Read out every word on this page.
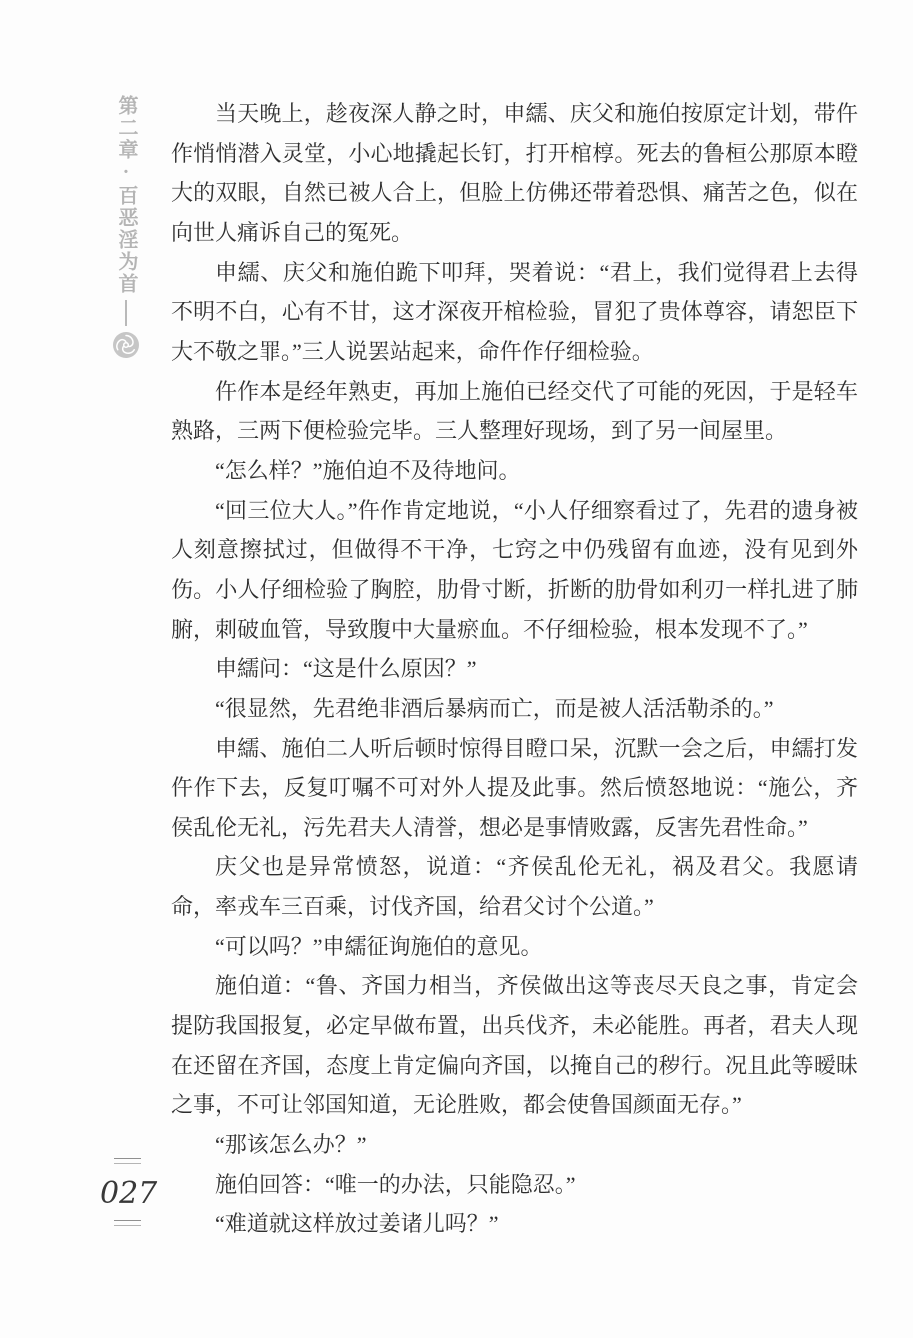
第二章·百恶淫为首	当天晚上，趁夜深人静之时，申繻、庆父和施伯按原定计划，带仵作悄悄潜入灵堂，小心地撬起长钉，打开棺椁。死去的鲁桓公那原本瞪大的双眼，自然已被人合上，但脸上仿佛还带着恐惧、痛苦之色，似在向世人痛诉自己的冤死。

申繻、庆父和施伯跪下叩拜，哭着说：“君上，我们觉得君上去得不明不白，心有不甘，这才深夜开棺检验，冒犯了贵体尊容，请恕臣下大不敬之罪。”三人说罢站起来，命仵作仔细检验。

仵作本是经年熟吏，再加上施伯已经交代了可能的死因，于是轻车熟路，三两下便检验完毕。三人整理好现场，到了另一间屋里。

“怎么样？”施伯迫不及待地问。

“回三位大人。”仵作肯定地说，“小人仔细察看过了，先君的遗身被人刻意擦拭过，但做得不干净，七窍之中仍残留有血迹，没有见到外伤。小人仔细检验了胸腔，肋骨寸断，折断的肋骨如利刃一样扎进了肺腑，刺破血管，导致腹中大量瘀血。不仔细检验，根本发现不了。”

申繻问：“这是什么原因？”

“很显然，先君绝非酒后暴病而亡，而是被人活活勒杀的。”

申繻、施伯二人听后顿时惊得目瞪口呆，沉默一会之后，申繻打发仵作下去，反复叮嘱不可对外人提及此事。然后愤怒地说：“施公，齐侯乱伦无礼，污先君夫人清誉，想必是事情败露，反害先君性命。”

庆父也是异常愤怒，说道：“齐侯乱伦无礼，祸及君父。我愿请命，率戎车三百乘，讨伐齐国，给君父讨个公道。”

“可以吗？”申繻征询施伯的意见。

施伯道：“鲁、齐国力相当，齐侯做出这等丧尽天良之事，肯定会提防我国报复，必定早做布置，出兵伐齐，未必能胜。再者，君夫人现在还留在齐国，态度上肯定偏向齐国，以掩自己的秽行。况且此等暧昧之事，不可让邻国知道，无论胜败，都会使鲁国颜面无存。”

“那该怎么办？”

施伯回答：“唯一的办法，只能隐忍。”

“难道就这样放过姜诸儿吗？”

027
